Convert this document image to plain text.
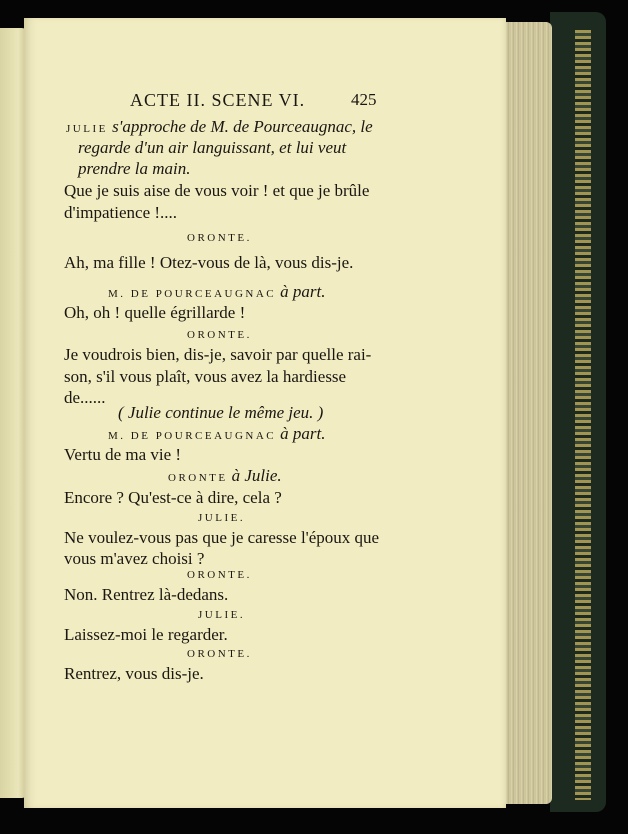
ACTE II. SCENE VI.	425
JULIE s'approche de M. de Pourceaugnac, le
regarde d'un air languissant, et lui veut
prendre la main.
Que je suis aise de vous voir ! et que je brûle
d'impatience !....
ORONTE.
Ah, ma fille ! Otez-vous de là, vous dis-je.
M. DE POURCEAUGNAC à part.
Oh, oh ! quelle égrillarde !
ORONTE.
Je voudrois bien, dis-je, savoir par quelle rai-
son, s'il vous plaît, vous avez la hardiesse
de......
( Julie continue le même jeu. )
M. DE POURCEAUGNAC à part.
Vertu de ma vie !
ORONTE à Julie.
Encore ? Qu'est-ce à dire, cela ?
JULIE.
Ne voulez-vous pas que je caresse l'époux que
vous m'avez choisi ?
ORONTE.
Non. Rentrez là-dedans.
JULIE.
Laissez-moi le regarder.
ORONTE.
Rentrez, vous dis-je.
